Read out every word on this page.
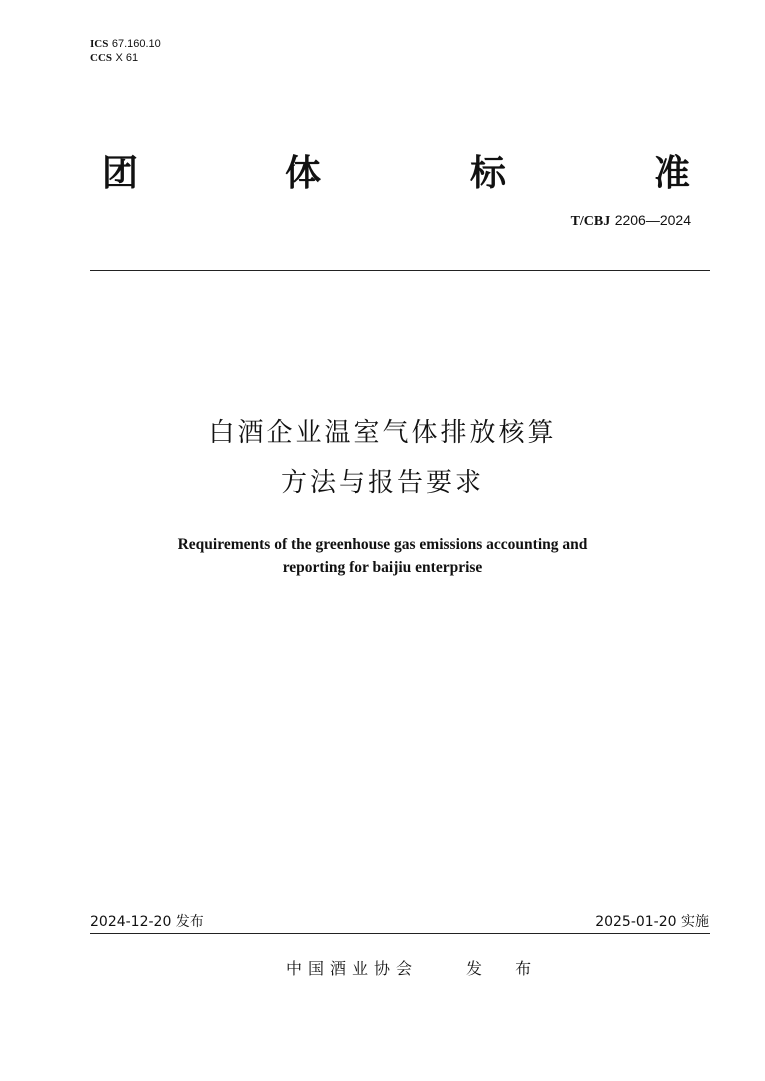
ICS 67.160.10
CCS X 61
团	体	标	准
T/CBJ 2206—2024
白酒企业温室气体排放核算
方法与报告要求
Requirements of the greenhouse gas emissions accounting and
reporting for baijiu enterprise
2024-12-20 发布	2025-01-20 实施
中国酒业协会	发 布
